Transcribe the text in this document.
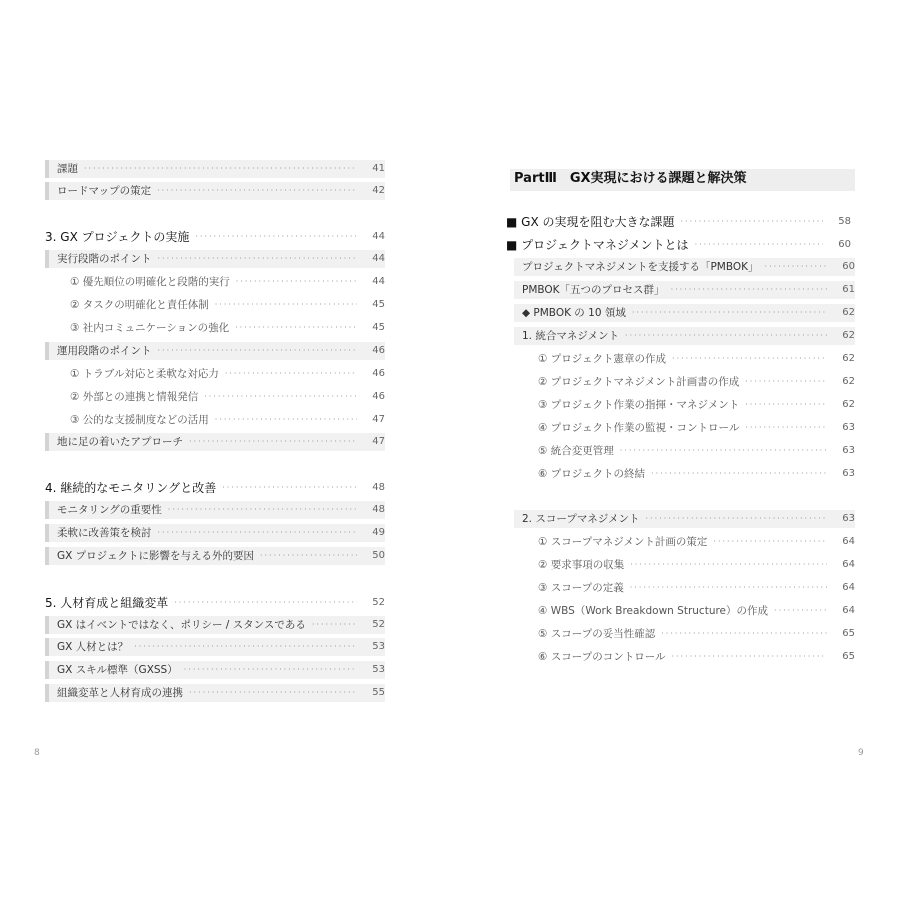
課題 ·····	41
ロードマップの策定 ·····	42
3. GX プロジェクトの実施 ·····	44
実行段階のポイント ·····	44
① 優先順位の明確化と段階的実行 ·····	44
② タスクの明確化と責任体制 ·····	45
③ 社内コミュニケーションの強化 ·····	45
運用段階のポイント ·····	46
① トラブル対応と柔軟な対応力 ·····	46
② 外部との連携と情報発信 ·····	46
③ 公的な支援制度などの活用 ·····	47
地に足の着いたアプローチ ·····	47
4. 継続的なモニタリングと改善 ·····	48
モニタリングの重要性 ·····	48
柔軟に改善策を検討 ·····	49
GX プロジェクトに影響を与える外的要因 ·····	50
5. 人材育成と組織変革 ·····	52
GX はイベントではなく、ポリシー / スタンスである ·····	52
GX 人材とは？ ·····	53
GX スキル標準（GXSS） ·····	53
組織変革と人材育成の連携 ·····	55
8
■ GX の実現を阻む大きな課題 ·····	58
■ プロジェクトマネジメントとは ·····	60
プロジェクトマネジメントを支援する「PMBOK」 ·····	60
PMBOK「五つのプロセス群」 ·····	61
◆ PMBOK の 10 領域 ·····	62
1. 統合マネジメント ·····	62
① プロジェクト憲章の作成 ·····	62
② プロジェクトマネジメント計画書の作成 ·····	62
③ プロジェクト作業の指揮・マネジメント ·····	62
④ プロジェクト作業の監視・コントロール ·····	63
⑤ 統合変更管理 ·····	63
⑥ プロジェクトの終結 ·····	63
2. スコープマネジメント ·····	63
① スコープマネジメント計画の策定 ·····	64
② 要求事項の収集 ·····	64
③ スコープの定義 ·····	64
④ WBS（Work Breakdown Structure）の作成 ·····	64
⑤ スコープの妥当性確認 ·····	65
⑥ スコープのコントロール ·····	65
9
PartⅢ　GX実現における課題と解決策
